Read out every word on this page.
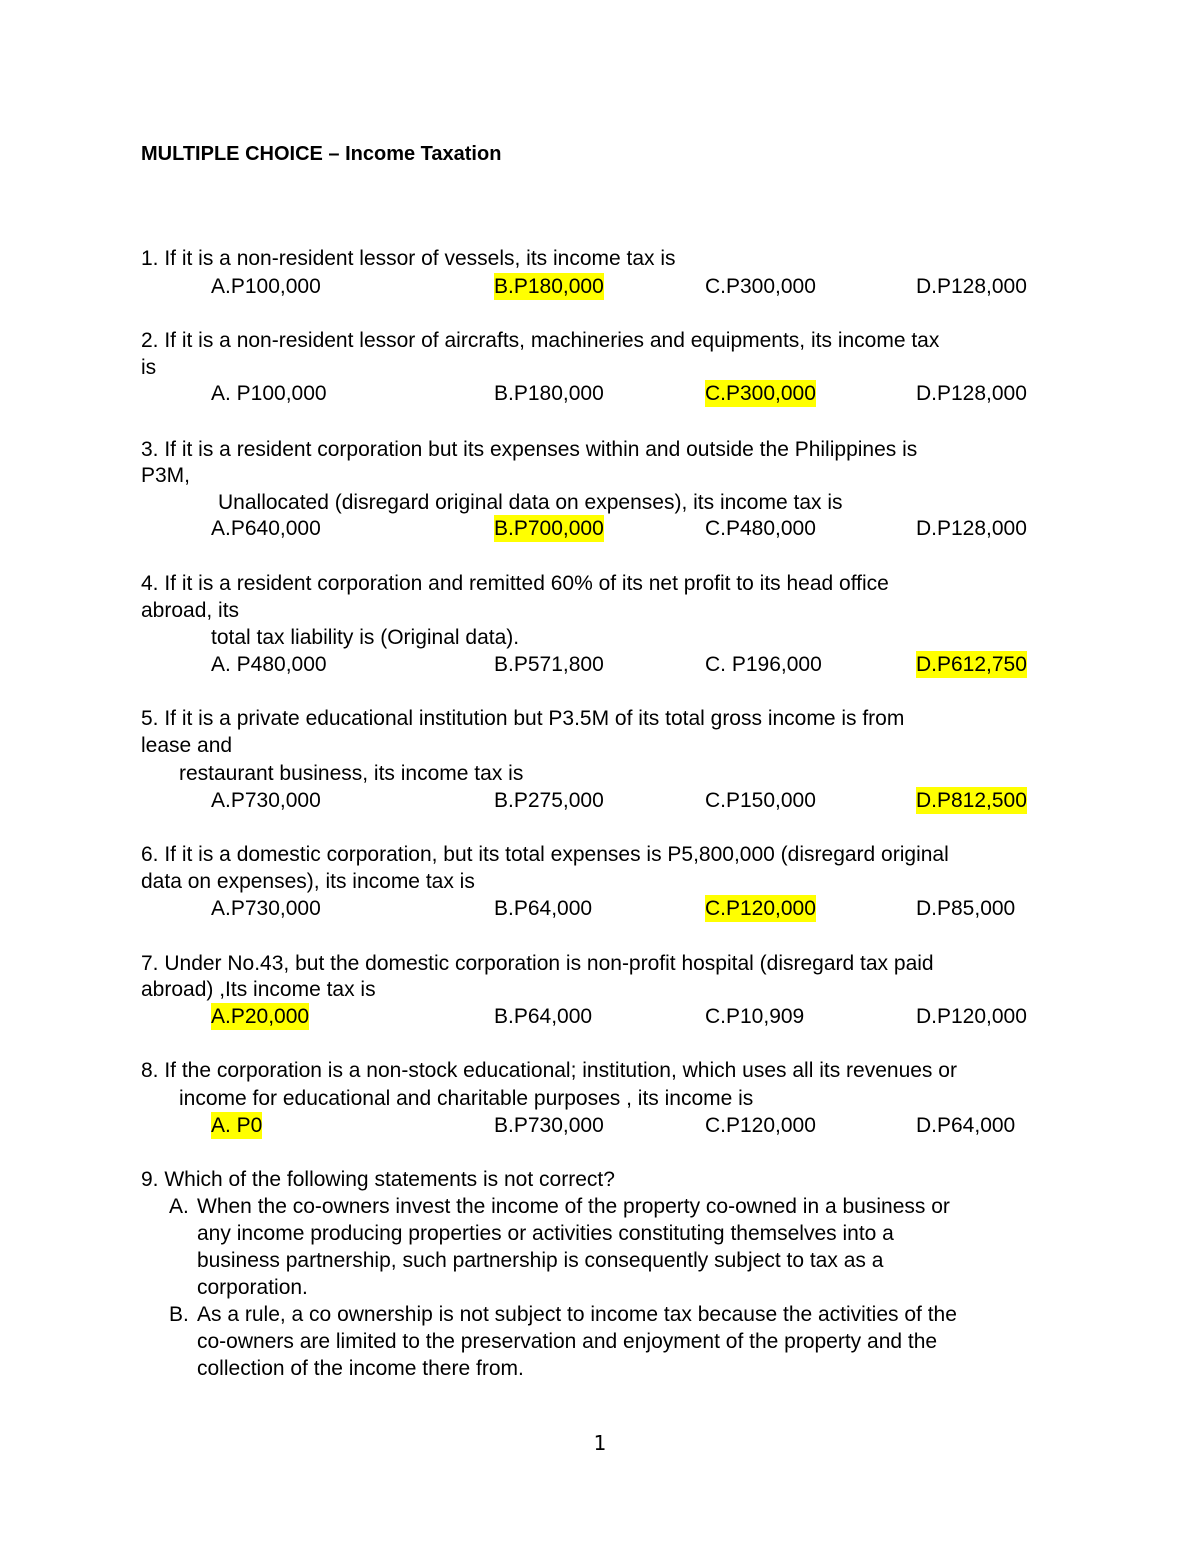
MULTIPLE CHOICE – Income Taxation
1. If it is a non-resident lessor of vessels, its income tax is
A.P100,000	B.P180,000	C.P300,000	D.P128,000
2. If it is a non-resident lessor of aircrafts, machineries and equipments, its income tax
is
A. P100,000	B.P180,000	C.P300,000	D.P128,000
3. If it is a resident corporation but its expenses within and outside the Philippines is
P3M,
Unallocated (disregard original data on expenses), its income tax is
A.P640,000	B.P700,000	C.P480,000	D.P128,000
4. If it is a resident corporation and remitted 60% of its net profit to its head office
abroad, its
total tax liability is (Original data).
A. P480,000	B.P571,800	C. P196,000	D.P612,750
5. If it is a private educational institution but P3.5M of its total gross income is from
lease and
restaurant business, its income tax is
A.P730,000	B.P275,000	C.P150,000	D.P812,500
6. If it is a domestic corporation, but its total expenses is P5,800,000 (disregard original
data on expenses), its income tax is
A.P730,000	B.P64,000	C.P120,000	D.P85,000
7. Under No.43, but the domestic corporation is non-profit hospital (disregard tax paid
abroad) ,Its income tax is
A.P20,000	B.P64,000	C.P10,909	D.P120,000
8. If the corporation is a non-stock educational; institution, which uses all its revenues or
income for educational and charitable purposes , its income is
A. P0	B.P730,000	C.P120,000	D.P64,000
9. Which of the following statements is not correct?
A. When the co-owners invest the income of the property co-owned in a business or
any income producing properties or activities constituting themselves into a
business partnership, such partnership is consequently subject to tax as a
corporation.
B. As a rule, a co ownership is not subject to income tax because the activities of the
co-owners are limited to the preservation and enjoyment of the property and the
collection of the income there from.
1
